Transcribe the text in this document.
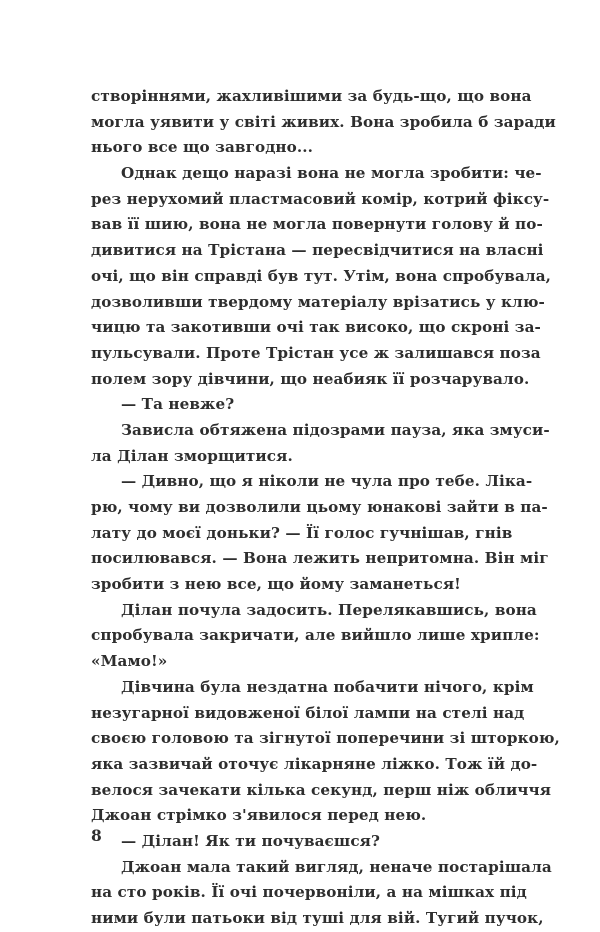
створіннями, жахливішими за будь-що, що вона
могла уявити у світі живих. Вона зробила б заради
нього все що завгодно...
Однак дещо наразі вона не могла зробити: че-
рез нерухомий пластмасовий комір, котрий фіксу-
вав її шию, вона не могла повернути голову й по-
дивитися на Трістана — пересвідчитися на власні
очі, що він справді був тут. Утім, вона спробувала,
дозволивши твердому матеріалу врізатись у клю-
чицю та закотивши очі так високо, що скроні за-
пульсували. Проте Трістан усе ж залишався поза
полем зору дівчини, що неабияк її розчарувало.
— Та невже?
Зависла обтяжена підозрами пауза, яка змуси-
ла Ділан зморщитися.
— Дивно, що я ніколи не чула про тебе. Ліка-
рю, чому ви дозволили цьому юнакові зайти в па-
лату до моєї доньки? — Її голос гучнішав, гнів
посилювався. — Вона лежить непритомна. Він міг
зробити з нею все, що йому заманеться!
Ділан почула задосить. Перелякавшись, вона
спробувала закричати, але вийшло лише хрипле:
«Мамо!»
Дівчина була нездатна побачити нічого, крім
незугарної видовженої білої лампи на стелі над
своєю головою та зігнутої поперечини зі шторкою,
яка зазвичай оточує лікарняне ліжко. Тож їй до-
велося зачекати кілька секунд, перш ніж обличчя
Джоан стрімко з'явилося перед нею.
— Ділан! Як ти почуваєшся?
Джоан мала такий вигляд, неначе постарішала
на сто років. Її очі почервоніли, а на мішках під
ними були патьоки від туші для вій. Тугий пучок,
8
